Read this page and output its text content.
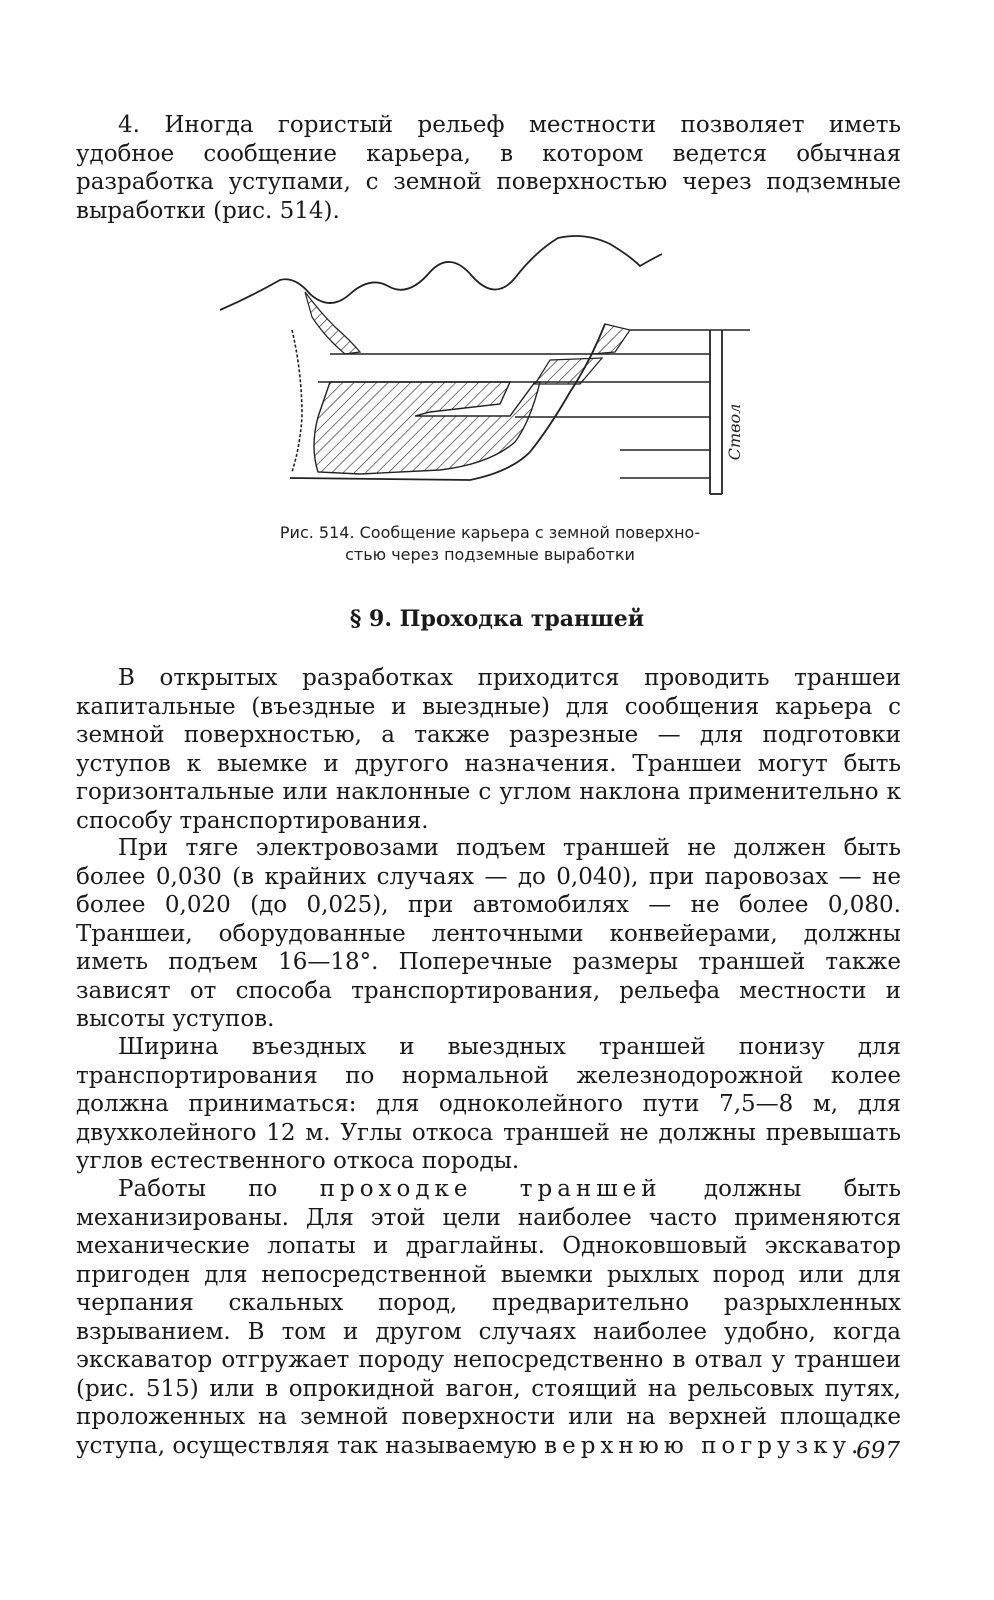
4. Иногда гористый рельеф местности позволяет иметь удобное сообщение карьера, в котором ведется обычная разработка уступами, с земной поверхностью через подземные выработки (рис. 514).

Ствол
Рис. 514. Сообщение карьера с земной поверхно-
стью через подземные выработки
§ 9. Проходка траншей

В открытых разработках приходится проводить траншеи капитальные (въездные и выездные) для сообщения карьера с земной поверхностью, а также разрезные — для подготовки уступов к выемке и другого назначения. Траншеи могут быть горизонтальные или наклонные с углом наклона применительно к способу транспортирования.

При тяге электровозами подъем траншей не должен быть более 0,030 (в крайних случаях — до 0,040), при паровозах — не более 0,020 (до 0,025), при автомобилях — не более 0,080. Траншеи, оборудованные ленточными конвейерами, должны иметь подъем 16—18°. Поперечные размеры траншей также зависят от способа транспортирования, рельефа местности и высоты уступов.

Ширина въездных и выездных траншей понизу для транспортирования по нормальной железнодорожной колее должна приниматься: для одноколейного пути 7,5—8 м, для двухколейного 12 м. Углы откоса траншей не должны превышать углов естественного откоса породы.

Работы по проходке траншей должны быть механизированы. Для этой цели наиболее часто применяются механические лопаты и драглайны. Одноковшовый экскаватор пригоден для непосредственной выемки рыхлых пород или для черпания скальных пород, предварительно разрыхленных взрыванием. В том и другом случаях наиболее удобно, когда экскаватор отгружает породу непосредственно в отвал у траншеи (рис. 515) или в опрокидной вагон, стоящий на рельсовых путях, проложенных на земной поверхности или на верхней площадке уступа, осуществляя так называемую верхнюю погрузку.

697
